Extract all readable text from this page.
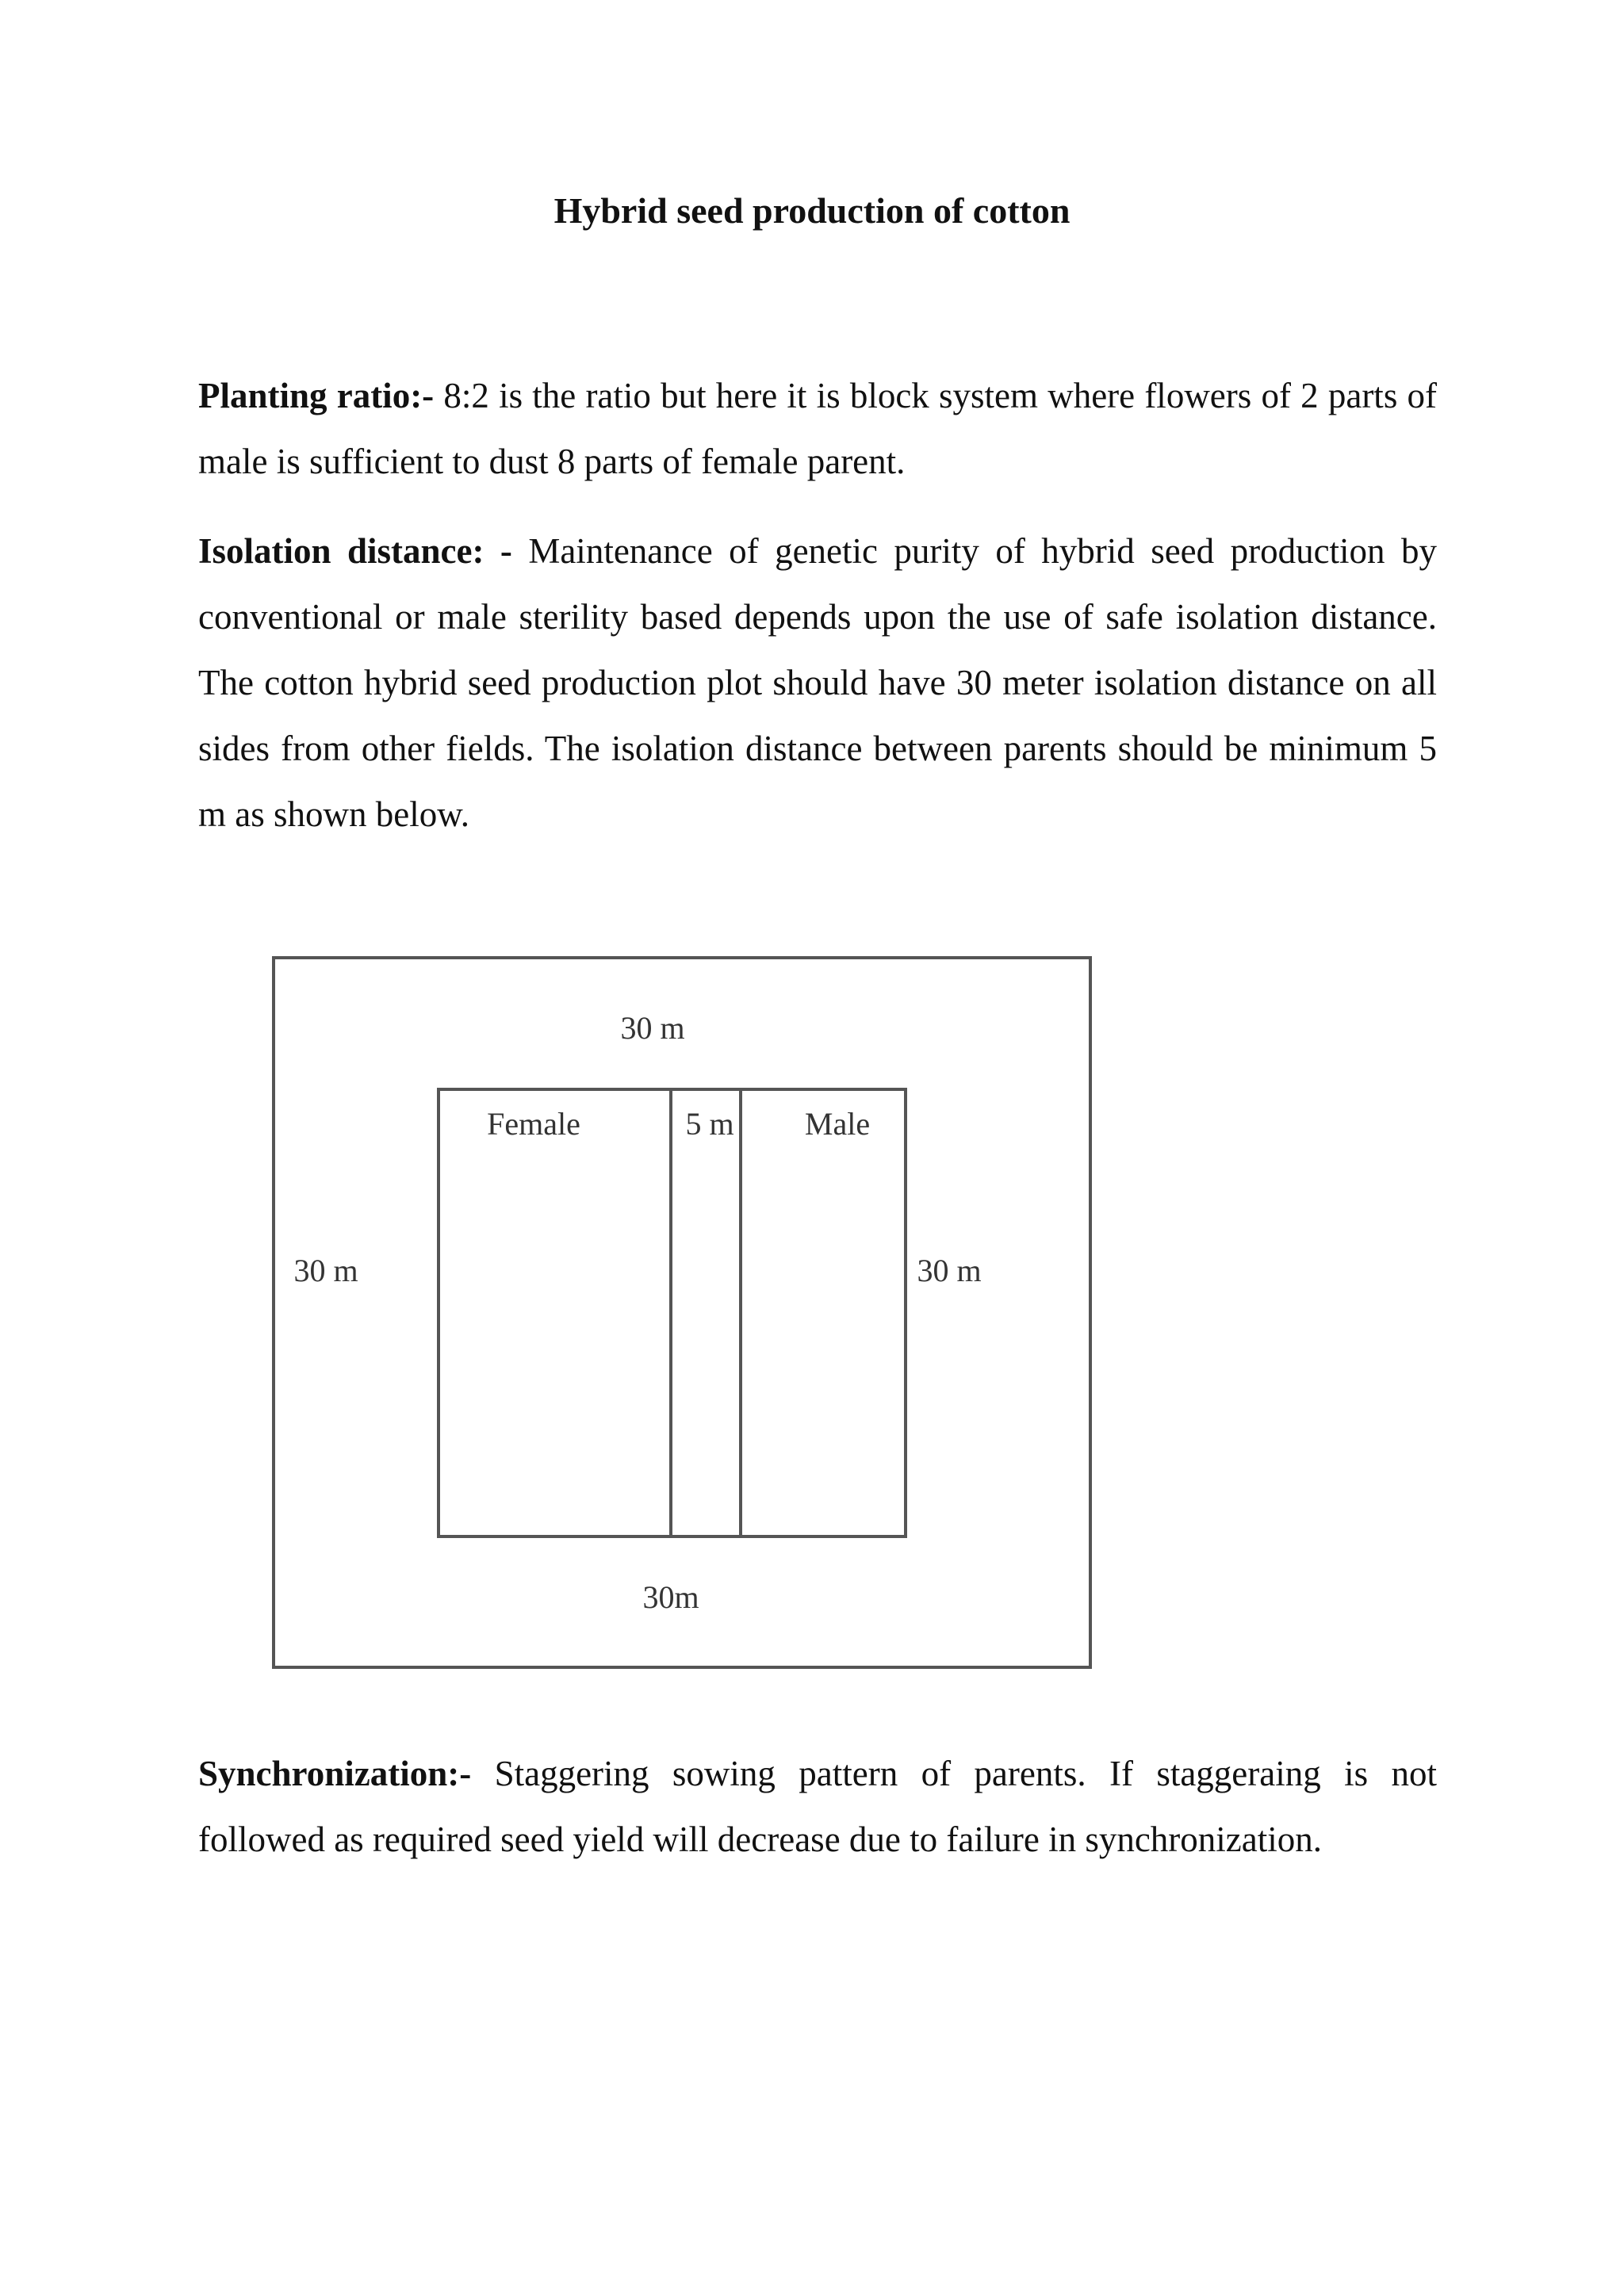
Hybrid seed production of cotton

Planting ratio:- 8:2 is the ratio but here it is block system where flowers of 2 parts of male is sufficient to dust 8 parts of female parent.

Isolation distance: - Maintenance of genetic purity of hybrid seed production by conventional or male sterility based depends upon the use of safe isolation distance. The cotton hybrid seed production plot should have 30 meter isolation distance on all sides from other fields. The isolation distance between parents should be minimum 5 m as shown below.

30 m
30 m	30 m
30m
Female	5 m Male

Synchronization:- Staggering sowing pattern of parents. If staggeraing is not followed as required seed yield will decrease due to failure in synchronization.
